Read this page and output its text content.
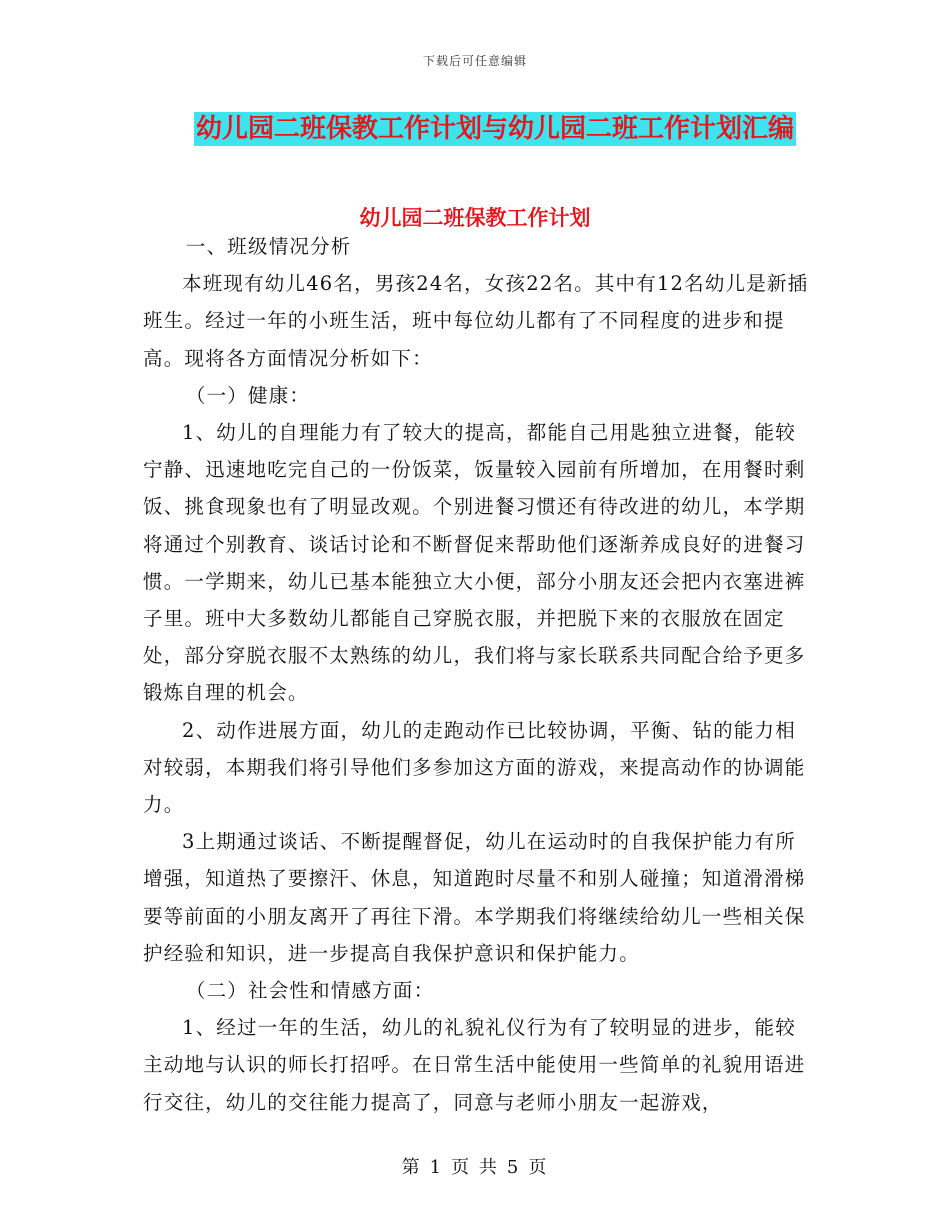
下载后可任意编辑
幼儿园二班保教工作计划与幼儿园二班工作计划汇编
幼儿园二班保教工作计划

一、班级情况分析

本班现有幼儿46名，男孩24名，女孩22名。其中有12名幼儿是新插班生。经过一年的小班生活，班中每位幼儿都有了不同程度的进步和提高。现将各方面情况分析如下：

（一）健康：

1、幼儿的自理能力有了较大的提高，都能自己用匙独立进餐，能较宁静、迅速地吃完自己的一份饭菜，饭量较入园前有所增加，在用餐时剩饭、挑食现象也有了明显改观。个别进餐习惯还有待改进的幼儿，本学期将通过个别教育、谈话讨论和不断督促来帮助他们逐渐养成良好的进餐习惯。一学期来，幼儿已基本能独立大小便，部分小朋友还会把内衣塞进裤子里。班中大多数幼儿都能自己穿脱衣服，并把脱下来的衣服放在固定处，部分穿脱衣服不太熟练的幼儿，我们将与家长联系共同配合给予更多锻炼自理的机会。

2、动作进展方面，幼儿的走跑动作已比较协调，平衡、钻的能力相对较弱，本期我们将引导他们多参加这方面的游戏，来提高动作的协调能力。

3上期通过谈话、不断提醒督促，幼儿在运动时的自我保护能力有所增强，知道热了要擦汗、休息，知道跑时尽量不和别人碰撞；知道滑滑梯要等前面的小朋友离开了再往下滑。本学期我们将继续给幼儿一些相关保护经验和知识，进一步提高自我保护意识和保护能力。

（二）社会性和情感方面：

1、经过一年的生活，幼儿的礼貌礼仪行为有了较明显的进步，能较主动地与认识的师长打招呼。在日常生活中能使用一些简单的礼貌用语进行交往，幼儿的交往能力提高了，同意与老师小朋友一起游戏，

第 1 页 共 5 页
